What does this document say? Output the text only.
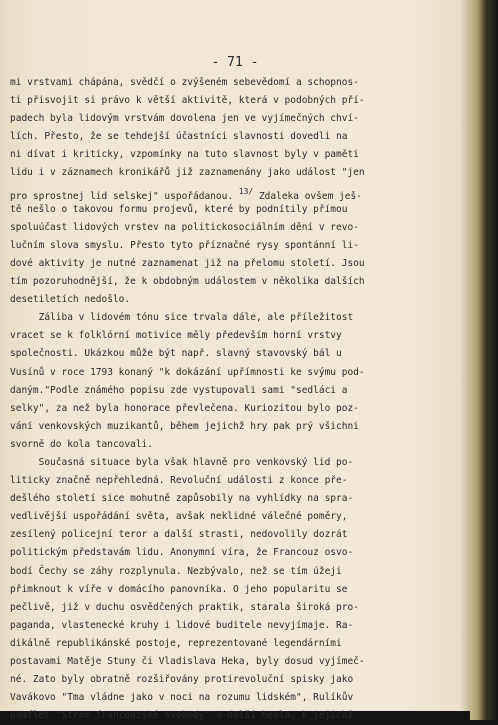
- 71 -
mi vrstvami chápána, svědčí o zvýšeném sebevědomí a schopnos-
ti přisvojit si právo k větší aktivitě, která v podobných pří-
padech byla lidovým vrstvám dovolena jen ve vyjímečných chví-
lích. Přesto, že se tehdejší účastníci slavnosti dovedli na
ni dívat i kriticky, vzpomínky na tuto slavnost byly v paměti
lidu i v záznamech kronikářů již zaznamenány jako událost "jen
pro sprostnej lid selskej" uspořádanou. $^{13/}$ Zdaleka ovšem ješ-
tě nešlo o takovou formu projevů, které by podnítily přímou
spoluúčast lidových vrstev na politickosociálním dění v revo-
lučním slova smyslu. Přesto tyto příznačné rysy spontánní li-
dové aktivity je nutné zaznamenat již na přelomu století. Jsou
tím pozoruhodnější, že k obdobným událostem v několika dalších
desetiletích nedošlo.
Záliba v lidovém tónu sice trvala dále, ale příležitost
vracet se k folklórní motivice měly především horní vrstvy
společnosti. Ukázkou může být např. slavný stavovský bál u
Vusínů v roce 1793 konaný "k dokázání upřímnosti ke svýmu pod-
daným."Podle známého popisu zde vystupovali sami "sedláci a
selky", za než byla honorace převlečena. Kuriozitou bylo poz-
vání venkovských muzikantů, během jejichž hry pak prý všichni
svorně do kola tancovali.
Současná situace byla však hlavně pro venkovský lid po-
liticky značně nepřehledná. Revoluční události z konce pře-
dešlého století sice mohutně zapůsobily na vyhlídky na spra-
vedlivější uspořádání světa, avšak neklidné válečné poměry,
zesílený policejní teror a další strasti, nedovolily dozrát
politickým představám lidu. Anonymní víra, že Francouz osvo-
bodí Čechy se záhy rozplynula. Nezbývalo, než se tím úžeji
přimknout k víře v domácího panovníka. O jeho popularitu se
pečlivě, již v duchu osvědčených praktik, starala široká pro-
paganda, vlastenecké kruhy i lidové buditele nevyjímaje. Ra-
dikálně republikánské postoje, reprezentované legendárními
postavami Matěje Stuny či Vladislava Heka, byly dosud vyjímeč-
né. Zato byly obratně rozšiřovány protirevoluční spisky jako
Vavákovo "Tma vládne jako v noci na rozumu lidském", Rulíkův
pamflet "Strom francouzské svobody" a další hesla, k jejichž
